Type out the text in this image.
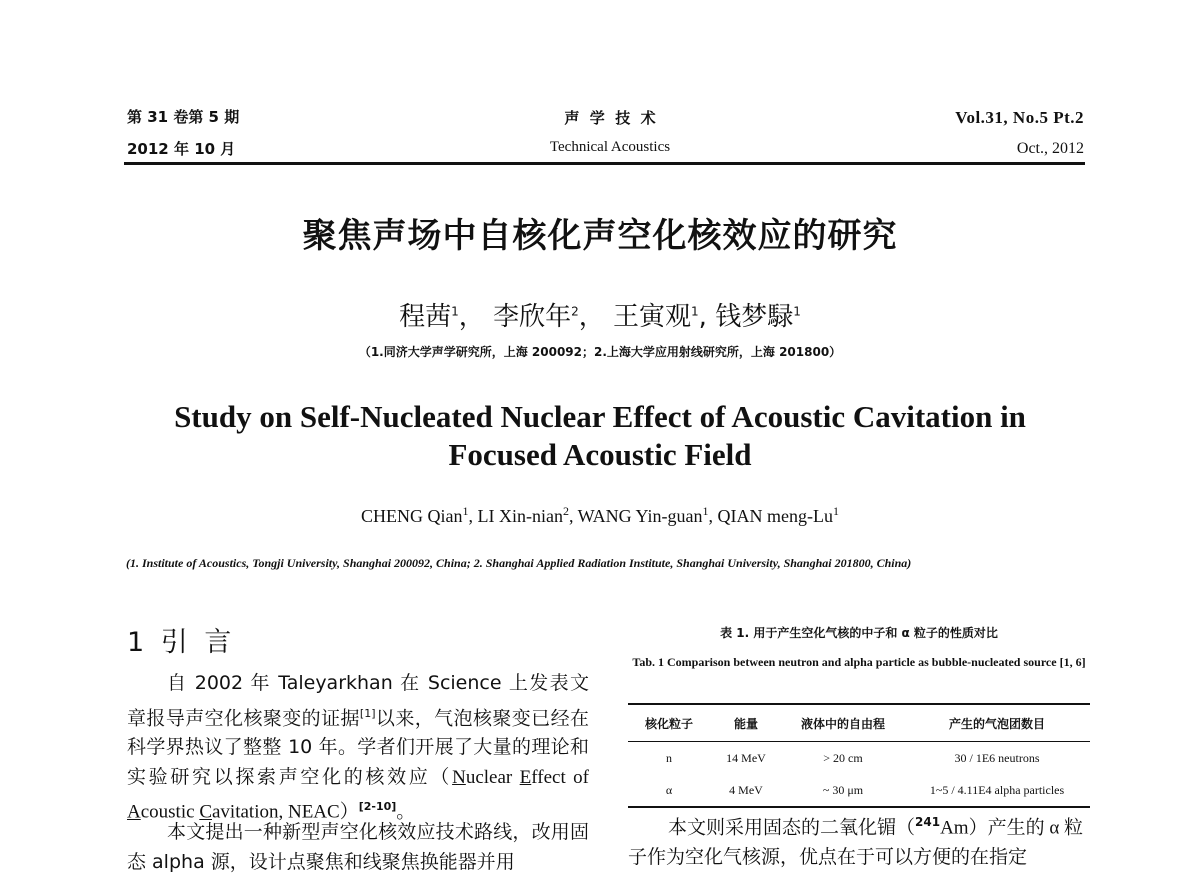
第 31 卷第 5 期
2012 年 10 月
声  学  技  术
Technical Acoustics
Vol.31, No.5 Pt.2
Oct., 2012
聚焦声场中自核化声空化核效应的研究
程茜$^1$， 李欣年$^2$， 王寅观$^1$, 钱梦騄$^1$
（1.同济大学声学研究所，上海 200092；2.上海大学应用射线研究所，上海 201800）
Study on Self-Nucleated Nuclear Effect of Acoustic Cavitation in
Focused Acoustic Field
CHENG Qian$^1$, LI Xin-nian$^2$, WANG Yin-guan$^1$, QIAN meng-Lu$^1$
(1. Institute of Acoustics, Tongji University, Shanghai 200092, China; 2. Shanghai Applied Radiation Institute, Shanghai University, Shanghai 201800, China)
1 引 言

自 2002 年 Taleyarkhan 在 Science 上发表文章报导声空化核聚变的证据[1]以来，气泡核聚变已经在科学界热议了整整 10 年。学者们开展了大量的理论和实验研究以探索声空化的核效应（Nuclear Effect of Acoustic Cavitation, NEAC）[2-10]。

本文提出一种新型声空化核效应技术路线，改用固态 alpha 源，设计点聚焦和线聚焦换能器并用

表 1. 用于产生空化气核的中子和 α 粒子的性质对比
Tab. 1 Comparison between neutron and alpha particle as bubble-nucleated source [1, 6]
核化粒子	能量	液体中的自由程	产生的气泡团数目
n	14 MeV	> 20 cm	30 / 1E6 neutrons
α	4 MeV	~ 30 μm	1~5 / 4.11E4 alpha particles

本文则采用固态的二氧化镅（$^{241}$Am）产生的 α 粒子作为空化气核源，优点在于可以方便的在指定
